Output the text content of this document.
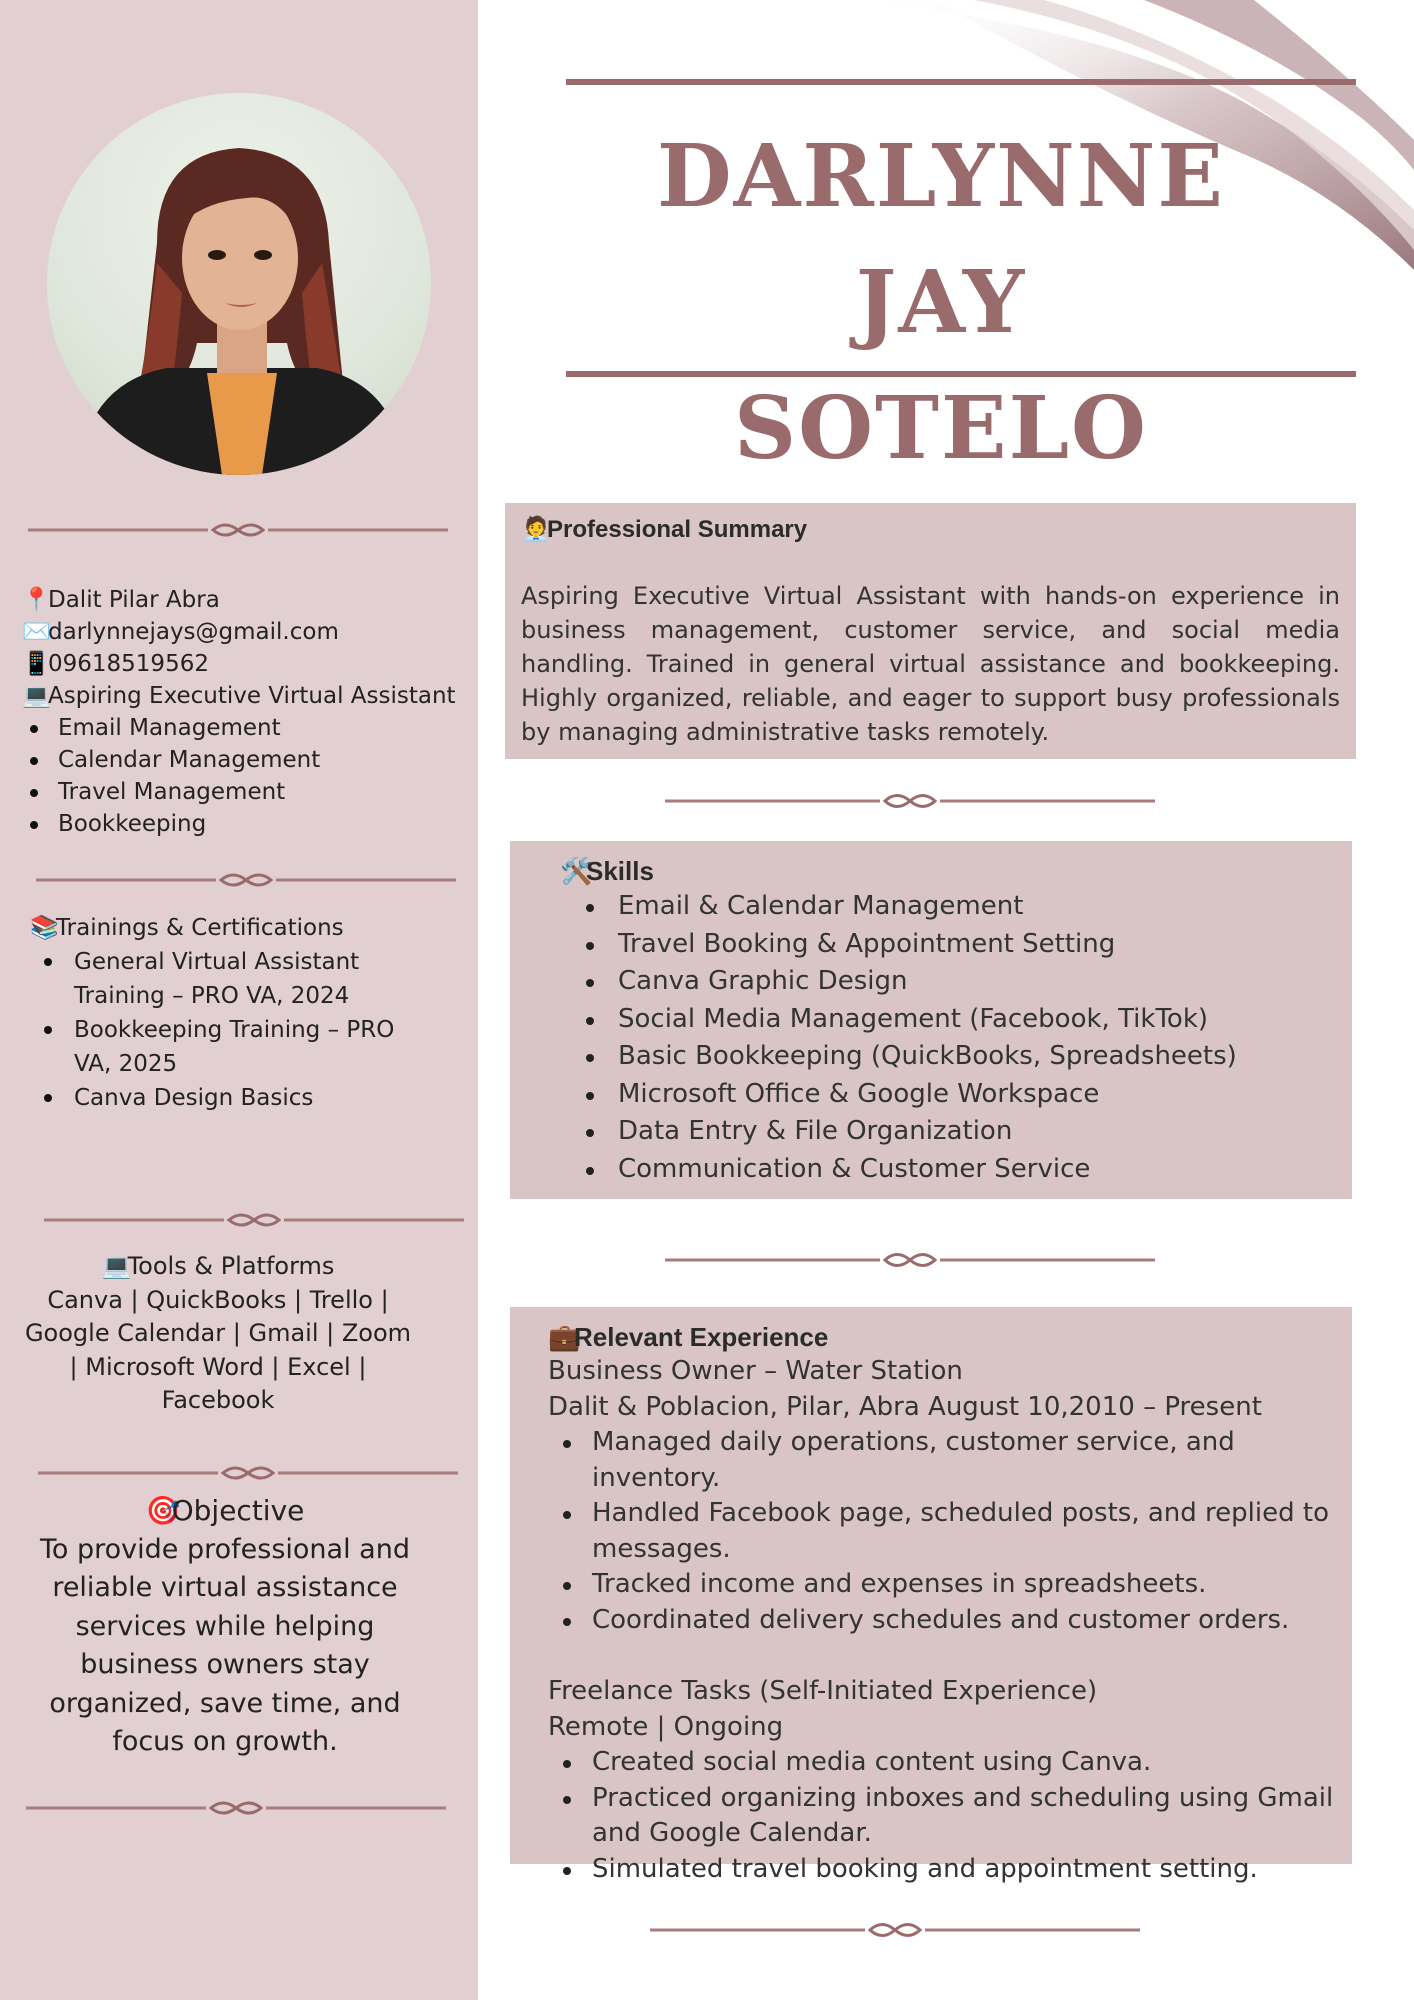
📍Dalit Pilar Abra
✉️darlynnejays@gmail.com
📱09618519562
💻Aspiring Executive Virtual Assistant
Email Management
Calendar Management
Travel Management
Bookkeeping
📚Trainings & Certifications
General Virtual Assistant Training – PRO VA, 2024
Bookkeeping Training – PRO VA, 2025
Canva Design Basics
💻Tools & Platforms
Canva | QuickBooks | Trello | Google Calendar | Gmail | Zoom | Microsoft Word | Excel | Facebook
🎯Objective
To provide professional and reliable virtual assistance services while helping business owners stay organized, save time, and focus on growth.
DARLYNNE JAY
SOTELO
🧑‍💼Professional Summary
Aspiring Executive Virtual Assistant with hands-on experience in business management, customer service, and social media handling. Trained in general virtual assistance and bookkeeping. Highly organized, reliable, and eager to support busy professionals by managing administrative tasks remotely.
🛠️Skills
Email & Calendar Management
Travel Booking & Appointment Setting
Canva Graphic Design
Social Media Management (Facebook, TikTok)
Basic Bookkeeping (QuickBooks, Spreadsheets)
Microsoft Office & Google Workspace
Data Entry & File Organization
Communication & Customer Service
💼Relevant Experience
Business Owner – Water Station
Dalit & Poblacion, Pilar, Abra August 10,2010 – Present
Managed daily operations, customer service, and inventory.
Handled Facebook page, scheduled posts, and replied to messages.
Tracked income and expenses in spreadsheets.
Coordinated delivery schedules and customer orders.
Freelance Tasks (Self-Initiated Experience)
Remote | Ongoing
Created social media content using Canva.
Practiced organizing inboxes and scheduling using Gmail and Google Calendar.
Simulated travel booking and appointment setting.
